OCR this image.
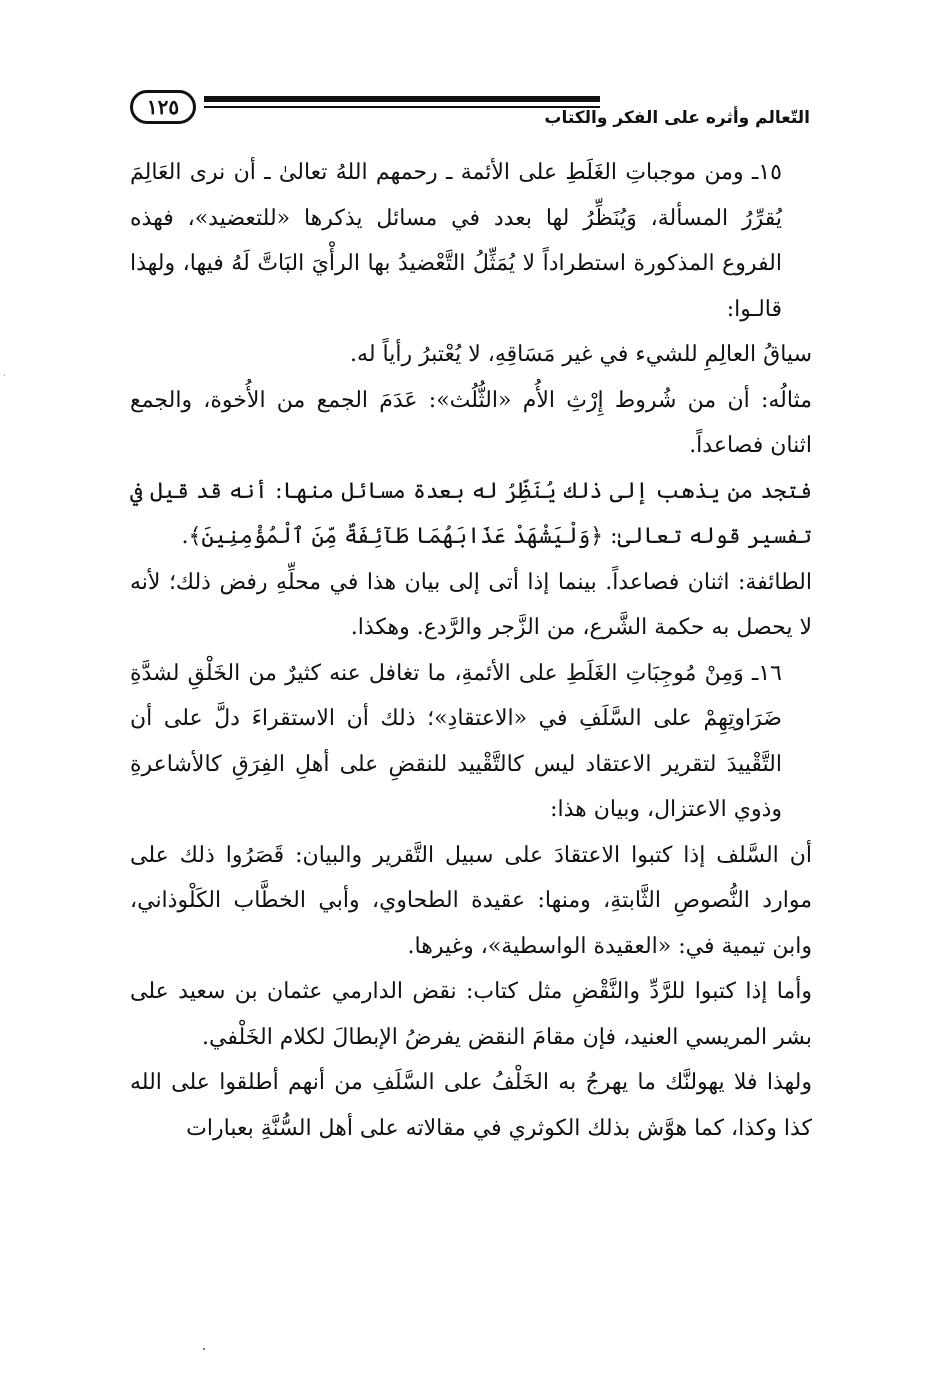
التّعالم وأثره على الفكر والكتاب
١٢٥

١٥ـ ومن موجباتِ الغَلَطِ على الأئمة ـ رحمهم اللهُ تعالىٰ ـ أن نرى العَالِمَ يُقرِّرُ المسألة، وَيُنَظِّرُ لها بعدد في مسائل يذكرها «للتعضيد»، فهذه الفروع المذكورة استطراداً لا يُمَثِّلُ التَّعْضيدُ بها الرأْيَ البَاتَّ لَهُ فيها، ولهذا قالـوا:

سياقُ العالِمِ للشيء في غير مَسَاقِهِ، لا يُعْتبرُ رأياً له.

مثالُه: أن من شُروط إِرْثِ الأُم «الثُّلُث»: عَدَمَ الجمع من الأُخوة، والجمع اثنان فصاعداً.

فتجد من يذهب إلى ذلك يُنَظِّرُ له بعدة مسائل منها: أنه قد قيل في تفسير قوله تعالىٰ: ﴿وَلْيَشْهَدْ عَذَابَهُمَا طَآئِفَةٌ مِّنَ ٱلْمُؤْمِنِينَ﴾.

الطائفة: اثنان فصاعداً. بينما إذا أتى إلى بيان هذا في محلِّهِ رفض ذلك؛ لأنه لا يحصل به حكمة الشَّرع، من الزَّجر والرَّدع. وهكذا.

١٦ـ وَمِنْ مُوجِبَاتِ الغَلَطِ على الأئمةِ، ما تغافل عنه كثيرٌ من الخَلْقِ لشدَّةِ ضَرَاوتِهِمْ على السَّلَفِ في «الاعتقادِ»؛ ذلك أن الاستقراءَ دلَّ على أن التَّقْييدَ لتقرير الاعتقاد ليس كالتَّقْييد للنقضِ على أهلِ الفِرَقِ كالأشاعرةِ وذوي الاعتزال، وبيان هذا:

أن السَّلف إذا كتبوا الاعتقادَ على سبيل التَّقرير والبيان: قَصَرُوا ذلك على موارد النُّصوصِ الثَّابتةِ، ومنها: عقيدة الطحاوي، وأبي الخطَّاب الكَلْوذاني، وابن تيمية في: «العقيدة الواسطية»، وغيرها.

وأما إذا كتبوا للرَّدِّ والنَّقْضِ مثل كتاب: نقض الدارمي عثمان بن سعيد على بشر المريسي العنيد، فإن مقامَ النقض يفرضُ الإبطالَ لكلام الخَلْفي.

ولهذا فلا يهولنَّك ما يهرجُ به الخَلْفُ على السَّلَفِ من أنهم أطلقوا على الله كذا وكذا، كما هوَّش بذلك الكوثري في مقالاته على أهل السُّنَّةِ بعبارات
